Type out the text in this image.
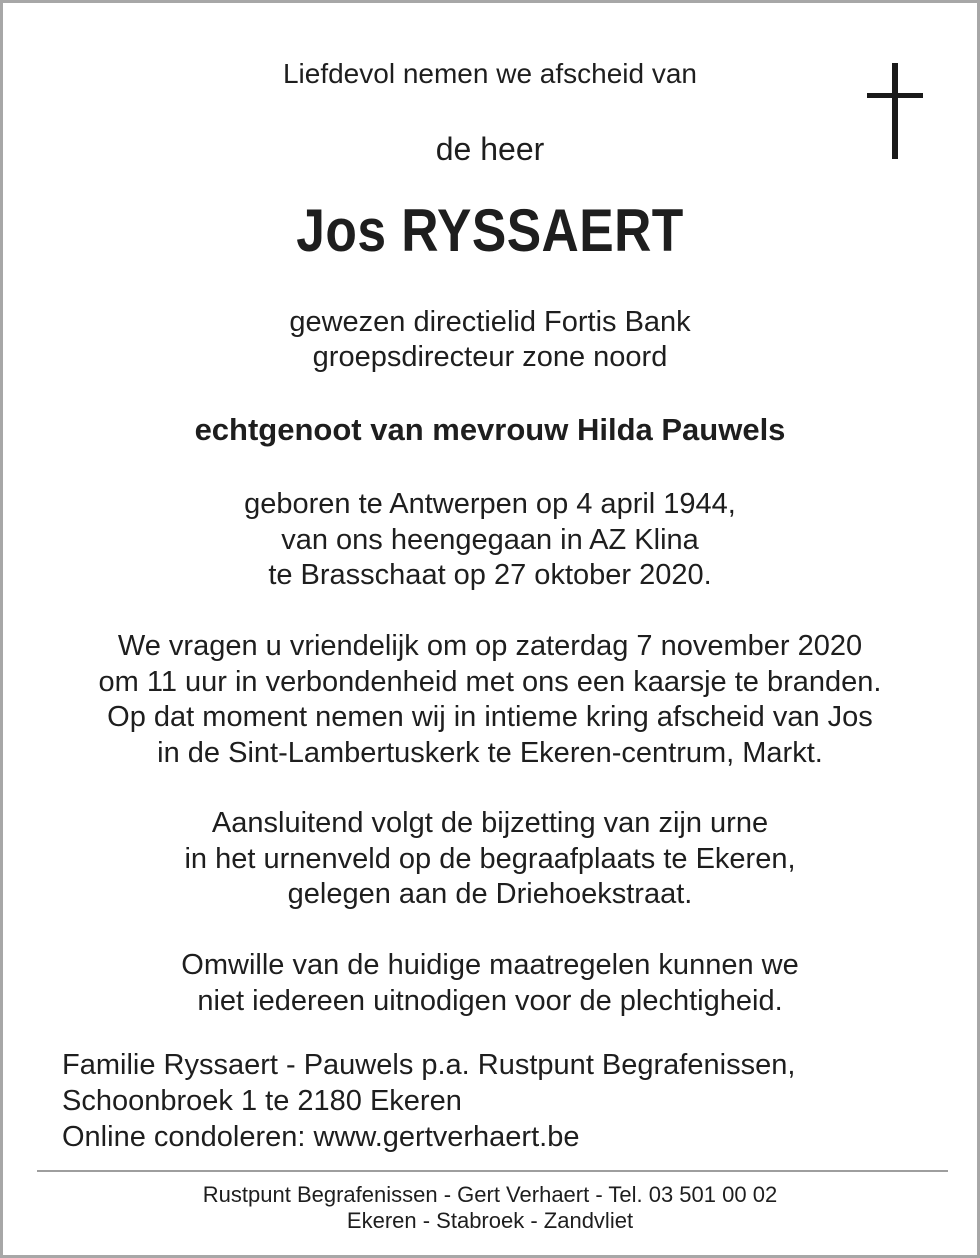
Liefdevol nemen we afscheid van
de heer
Jos RYSSAERT
gewezen directielid Fortis Bank
groepsdirecteur zone noord
echtgenoot van mevrouw Hilda Pauwels
geboren te Antwerpen op 4 april 1944,
van ons heengegaan in AZ Klina
te Brasschaat op 27 oktober 2020.
We vragen u vriendelijk om op zaterdag 7 november 2020
om 11 uur in verbondenheid met ons een kaarsje te branden.
Op dat moment nemen wij in intieme kring afscheid van Jos
in de Sint-Lambertuskerk te Ekeren-centrum, Markt.
Aansluitend volgt de bijzetting van zijn urne
in het urnenveld op de begraafplaats te Ekeren,
gelegen aan de Driehoekstraat.
Omwille van de huidige maatregelen kunnen we
niet iedereen uitnodigen voor de plechtigheid.
Familie Ryssaert - Pauwels p.a. Rustpunt Begrafenissen,
Schoonbroek 1 te 2180 Ekeren
Online condoleren: www.gertverhaert.be
Rustpunt Begrafenissen - Gert Verhaert - Tel. 03 501 00 02
Ekeren - Stabroek - Zandvliet
